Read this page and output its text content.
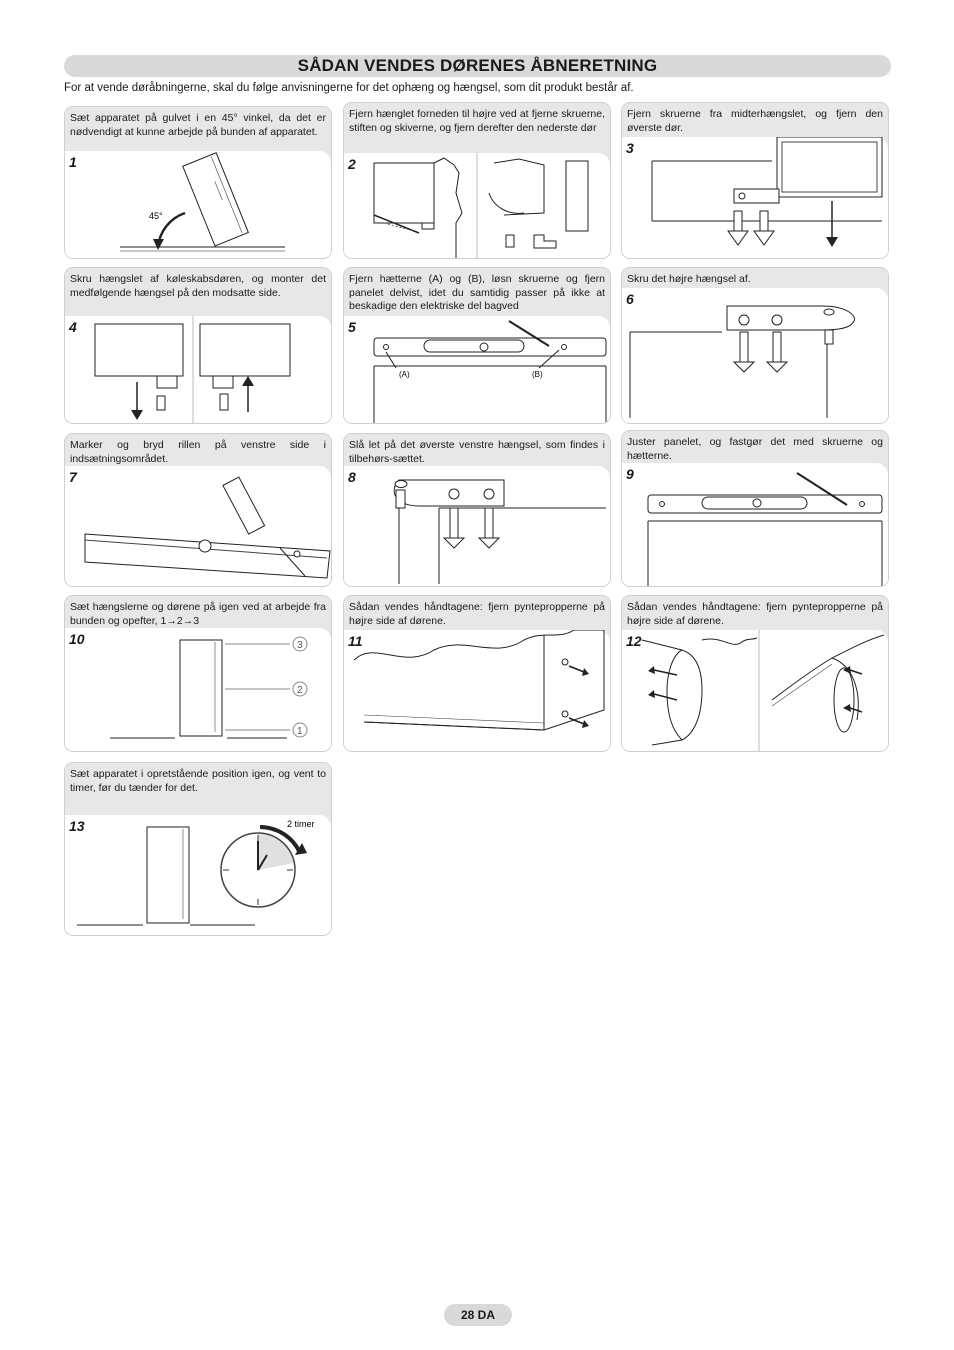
SÅDAN VENDES DØRENES ÅBNERETNING
For at vende døråbningerne, skal du følge anvisningerne for det ophæng og hængsel, som dit produkt består af.

Sæt apparatet på gulvet i en 45° vinkel, da det er nødvendigt at kunne arbejde på bunden af apparatet.

1
45°

Fjern hænglet forneden til højre ved at fjerne skruerne, stiften og skiverne, og fjern derefter den nederste dør

2

Fjern skruerne fra midterhængslet, og fjern den øverste dør.

3

Skru hængslet af køleskabsdøren, og monter det medfølgende hængsel på den modsatte side.

4

Fjern hætterne (A) og (B), løsn skruerne og fjern panelet delvist, idet du samtidig passer på ikke at beskadige den elektriske del bagved

5
(A)	(B)

Skru det højre hængsel af.

6

Marker og bryd rillen på venstre side i indsætningsområdet.

7

Slå let på det øverste venstre hængsel, som findes i tilbehørs-sættet.

8

Juster panelet, og fastgør det med skruerne og hætterne.

9

Sæt hængslerne og dørene på igen ved at arbejde fra bunden og opefter, 1→2→3

10	3
2
1

Sådan vendes håndtagene: fjern pyntepropperne på højre side af dørene.

11

Sådan vendes håndtagene: fjern pyntepropperne på højre side af dørene.

12

Sæt apparatet i opretstående position igen, og vent to timer, før du tænder for det.

13	2 timer
28 DA
